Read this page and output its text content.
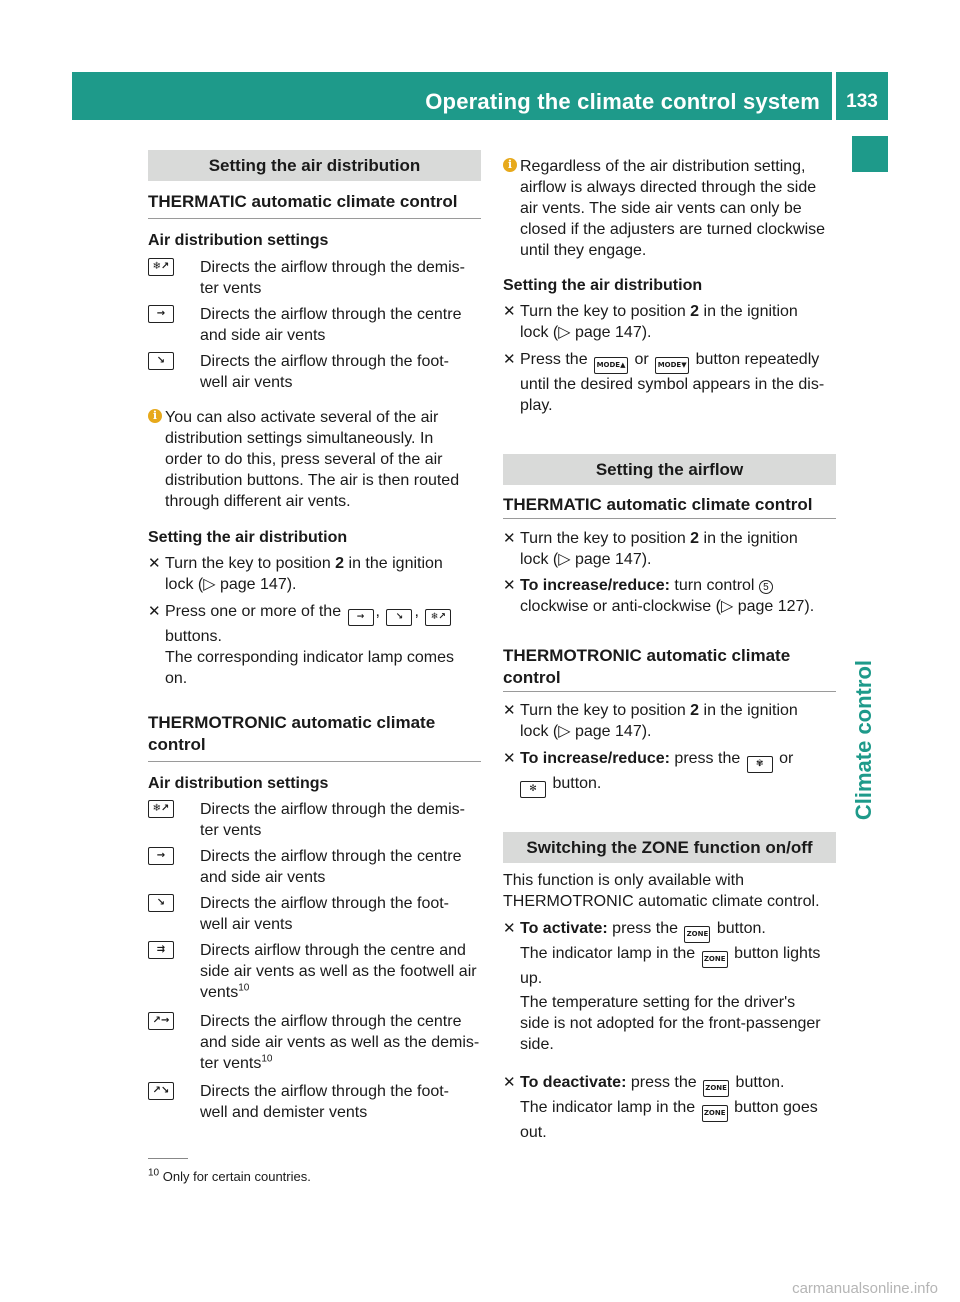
Operating the climate control system	133
Climate control
Setting the air distribution
THERMATIC automatic climate control
Air distribution settings
❄↗ Directs the airflow through the demis-
ter vents
→	Directs the airflow through the centre
and side air vents
↘	Directs the airflow through the foot-
well air vents
i You can also activate several of the air
distribution settings simultaneously. In
order to do this, press several of the air
distribution buttons. The air is then routed
through different air vents.
Setting the air distribution
✕ Turn the key to position 2 in the ignition
lock (▷ page 147).
✕ Press one or more of the → , ↘ , ❄↗
buttons.
The corresponding indicator lamp comes
on.
THERMOTRONIC automatic climate
control
Air distribution settings
❄↗ Directs the airflow through the demis-
ter vents
→	Directs the airflow through the centre
and side air vents
↘	Directs the airflow through the foot-
well air vents
⇉	Directs airflow through the centre and
side air vents as well as the footwell air
vents$^{10}$
↗→ Directs the airflow through the centre
and side air vents as well as the demis-
ter vents$^{10}$
↗↘ Directs the airflow through the foot-
well and demister vents
i Regardless of the air distribution setting,
airflow is always directed through the side
air vents. The side air vents can only be
closed if the adjusters are turned clockwise
until they engage.
Setting the air distribution
✕ Turn the key to position 2 in the ignition
lock (▷ page 147).
✕ Press the MODE▲ or MODE▼ button repeatedly
until the desired symbol appears in the dis-
play.
Setting the airflow
THERMATIC automatic climate control
✕ Turn the key to position 2 in the ignition
lock (▷ page 147).
✕ To increase/reduce: turn control 5
clockwise or anti-clockwise (▷ page 127).
THERMOTRONIC automatic climate
control
✕ Turn the key to position 2 in the ignition
lock (▷ page 147).
✕ To increase/reduce: press the ✾ or
✻ button.
Switching the ZONE function on/off
This function is only available with
THERMOTRONIC automatic climate control.
✕ To activate: press the ZONE button.
The indicator lamp in the ZONE button lights
up.
The temperature setting for the driver's
side is not adopted for the front-passenger
side.
✕ To deactivate: press the ZONE button.
The indicator lamp in the ZONE button goes
out.
$^{10}$ Only for certain countries.
carmanualsonline.info
